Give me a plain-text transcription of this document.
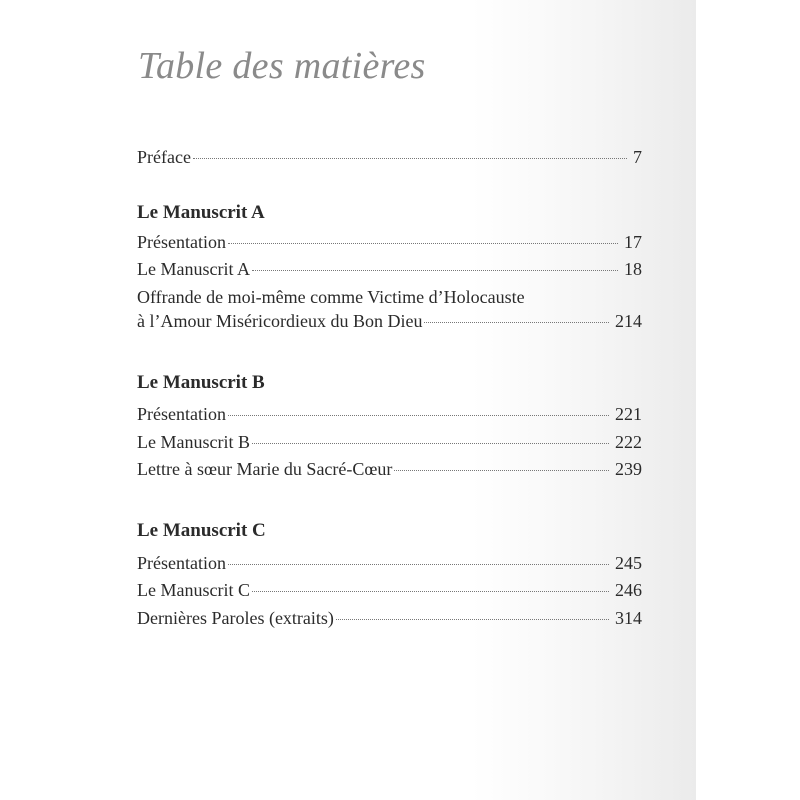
Table des matières
Préface	7
Le Manuscrit A
Présentation	17
Le Manuscrit A	18
Offrande de moi-même comme Victime d’Holocauste
à l’Amour Miséricordieux du Bon Dieu	214
Le Manuscrit B
Présentation	221
Le Manuscrit B	222
Lettre à sœur Marie du Sacré-Cœur	239
Le Manuscrit C
Présentation	245
Le Manuscrit C	246
Dernières Paroles (extraits)	314
